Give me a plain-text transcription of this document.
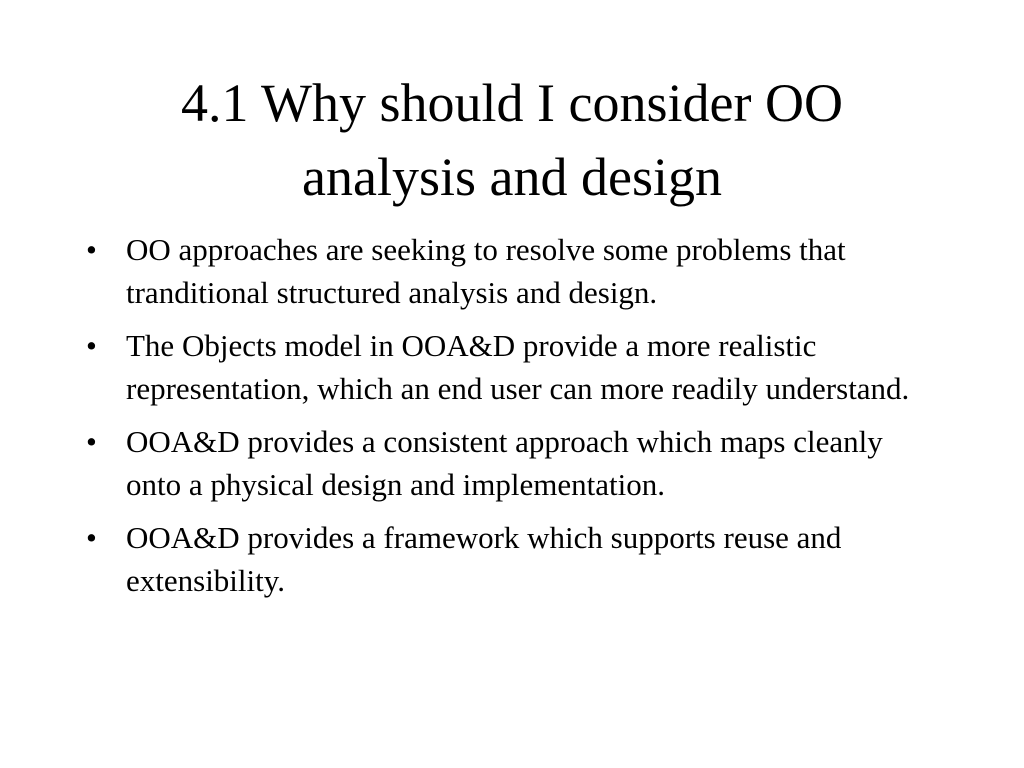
4.1 Why should I consider OO
analysis and design
• OO approaches are seeking to resolve some problems that tranditional structured analysis and design.
• The Objects model in OOA&D provide a more realistic representation, which an end user can more readily understand.
• OOA&D provides a consistent approach which maps cleanly onto a physical design and implementation.
• OOA&D provides a framework which supports reuse and extensibility.
